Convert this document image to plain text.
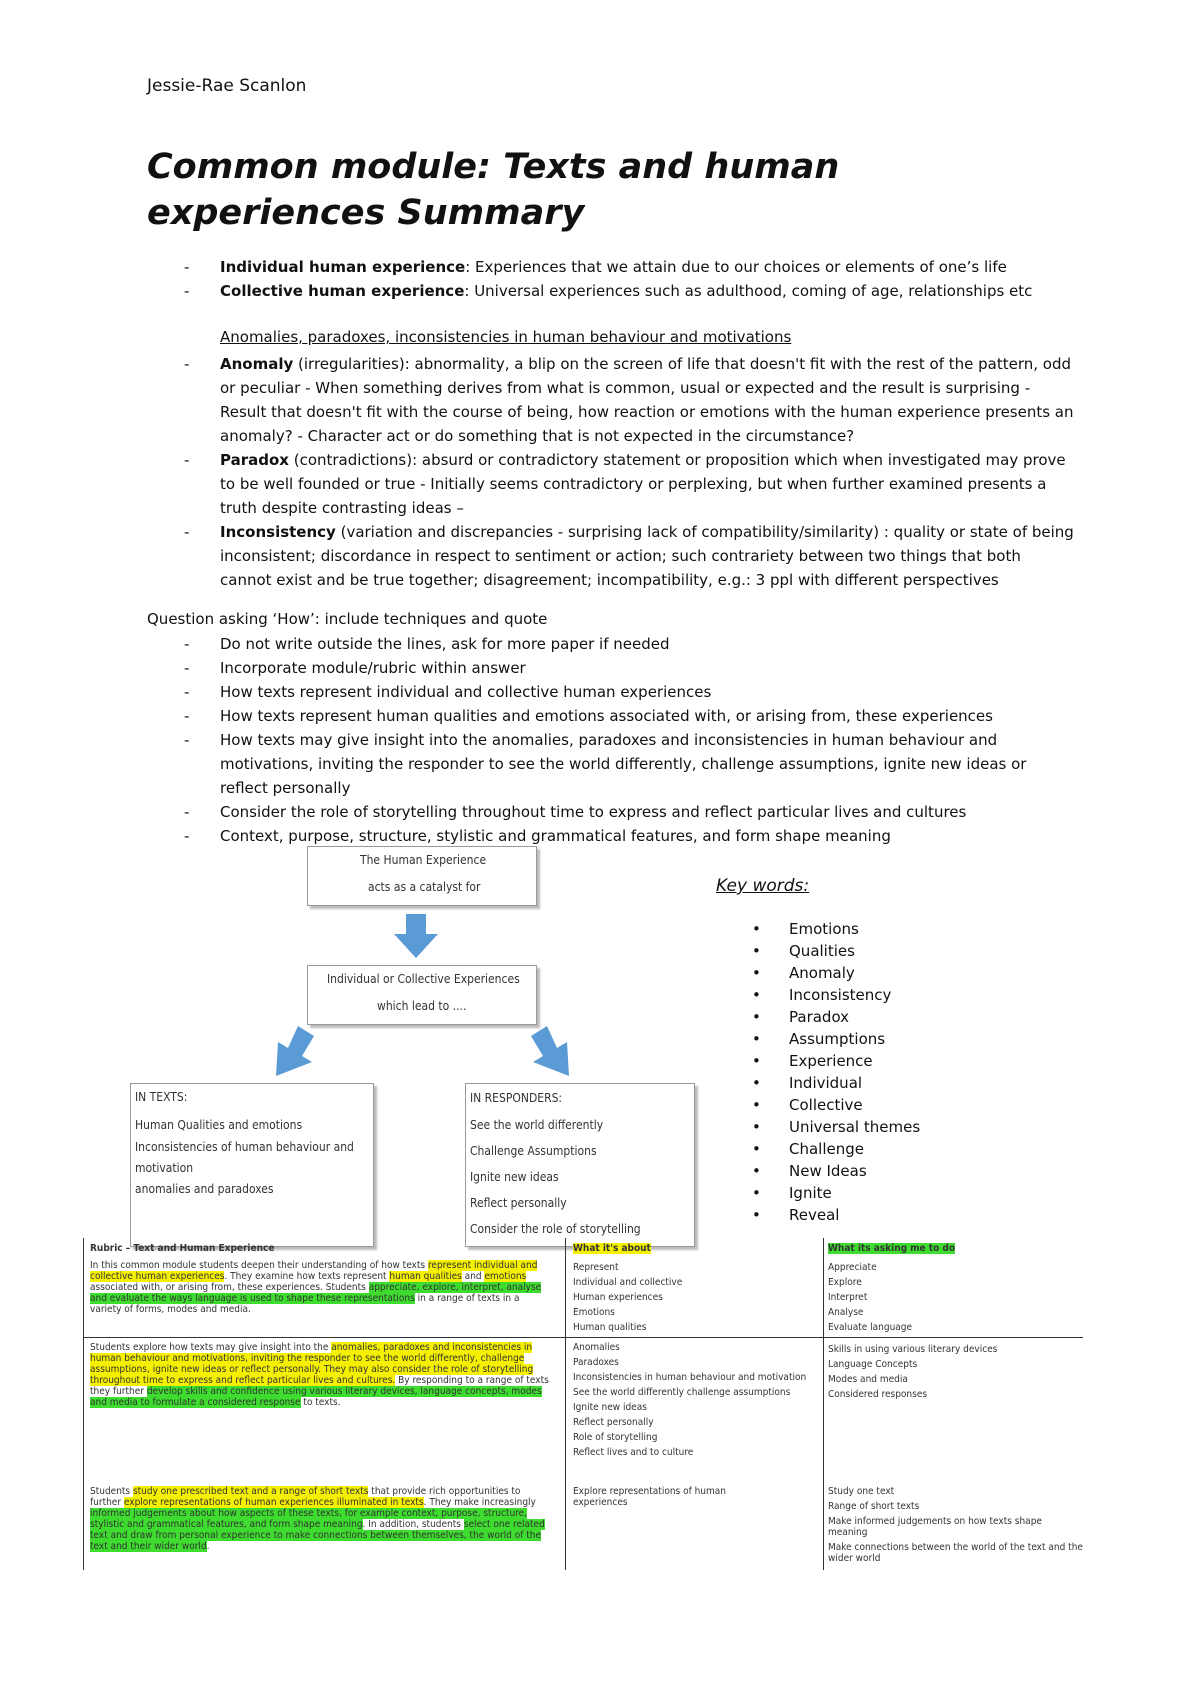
Jessie-Rae Scanlon
Common module: Texts and human
experiences Summary
- Individual human experience: Experiences that we attain due to our choices or elements of one’s life
- Collective human experience: Universal experiences such as adulthood, coming of age, relationships etc
Anomalies, paradoxes, inconsistencies in human behaviour and motivations
- Anomaly (irregularities): abnormality, a blip on the screen of life that doesn't fit with the rest of the pattern, odd or peculiar - When something derives from what is common, usual or expected and the result is surprising - Result that doesn't fit with the course of being, how reaction or emotions with the human experience presents an anomaly? - Character act or do something that is not expected in the circumstance?
- Paradox (contradictions): absurd or contradictory statement or proposition which when investigated may prove to be well founded or true - Initially seems contradictory or perplexing, but when further examined presents a truth despite contrasting ideas –
- Inconsistency (variation and discrepancies - surprising lack of compatibility/similarity) : quality or state of being inconsistent; discordance in respect to sentiment or action; such contrariety between two things that both cannot exist and be true together; disagreement; incompatibility, e.g.: 3 ppl with different perspectives
Question asking ‘How’: include techniques and quote
- Do not write outside the lines, ask for more paper if needed
- Incorporate module/rubric within answer
- How texts represent individual and collective human experiences
- How texts represent human qualities and emotions associated with, or arising from, these experiences
- How texts may give insight into the anomalies, paradoxes and inconsistencies in human behaviour and motivations, inviting the responder to see the world differently, challenge assumptions, ignite new ideas or reflect personally
- Consider the role of storytelling throughout time to express and reflect particular lives and cultures
- Context, purpose, structure, stylistic and grammatical features, and form shape meaning
The Human Experience
acts as a catalyst for
Individual or Collective Experiences
which lead to ....
IN TEXTS:
Human Qualities and emotions
Inconsistencies of human behaviour and
motivation
anomalies and paradoxes
IN RESPONDERS:
See the world differently
Challenge Assumptions
Ignite new ideas
Reflect personally
Consider the role of storytelling
Key words:
• Emotions
• Qualities
• Anomaly
• Inconsistency
• Paradox
• Assumptions
• Experience
• Individual
• Collective
• Universal themes
• Challenge
• New Ideas
• Ignite
• Reveal
Rubric – Text and Human Experience	What it's about	What its asking me to do
In this common module students deepen their understanding of how texts represent individual and collective human experiences. They examine how texts represent human qualities and emotions associated with, or arising from, these experiences. Students appreciate, explore, interpret, analyse and evaluate the ways language is used to shape these representations in a range of texts in a variety of forms, modes and media.
Represent
Individual and collective
Human experiences
Emotions
Human qualities
Appreciate
Explore
Interpret
Analyse
Evaluate language
Students explore how texts may give insight into the anomalies, paradoxes and inconsistencies in human behaviour and motivations, inviting the responder to see the world differently, challenge assumptions, ignite new ideas or reflect personally. They may also consider the role of storytelling throughout time to express and reflect particular lives and cultures. By responding to a range of texts they further develop skills and confidence using various literary devices, language concepts, modes and media to formulate a considered response to texts.
Anomalies
Paradoxes
Inconsistencies in human behaviour and motivation
See the world differently challenge assumptions
Ignite new ideas
Reflect personally
Role of storytelling
Reflect lives and to culture
Skills in using various literary devices
Language Concepts
Modes and media
Considered responses
Students study one prescribed text and a range of short texts that provide rich opportunities to further explore representations of human experiences illuminated in texts. They make increasingly informed judgements about how aspects of these texts, for example context, purpose, structure, stylistic and grammatical features, and form shape meaning. In addition, students select one related text and draw from personal experience to make connections between themselves, the world of the text and their wider world.
Explore representations of human experiences
Study one text
Range of short texts
Make informed judgements on how texts shape meaning
Make connections between the world of the text and the wider world
